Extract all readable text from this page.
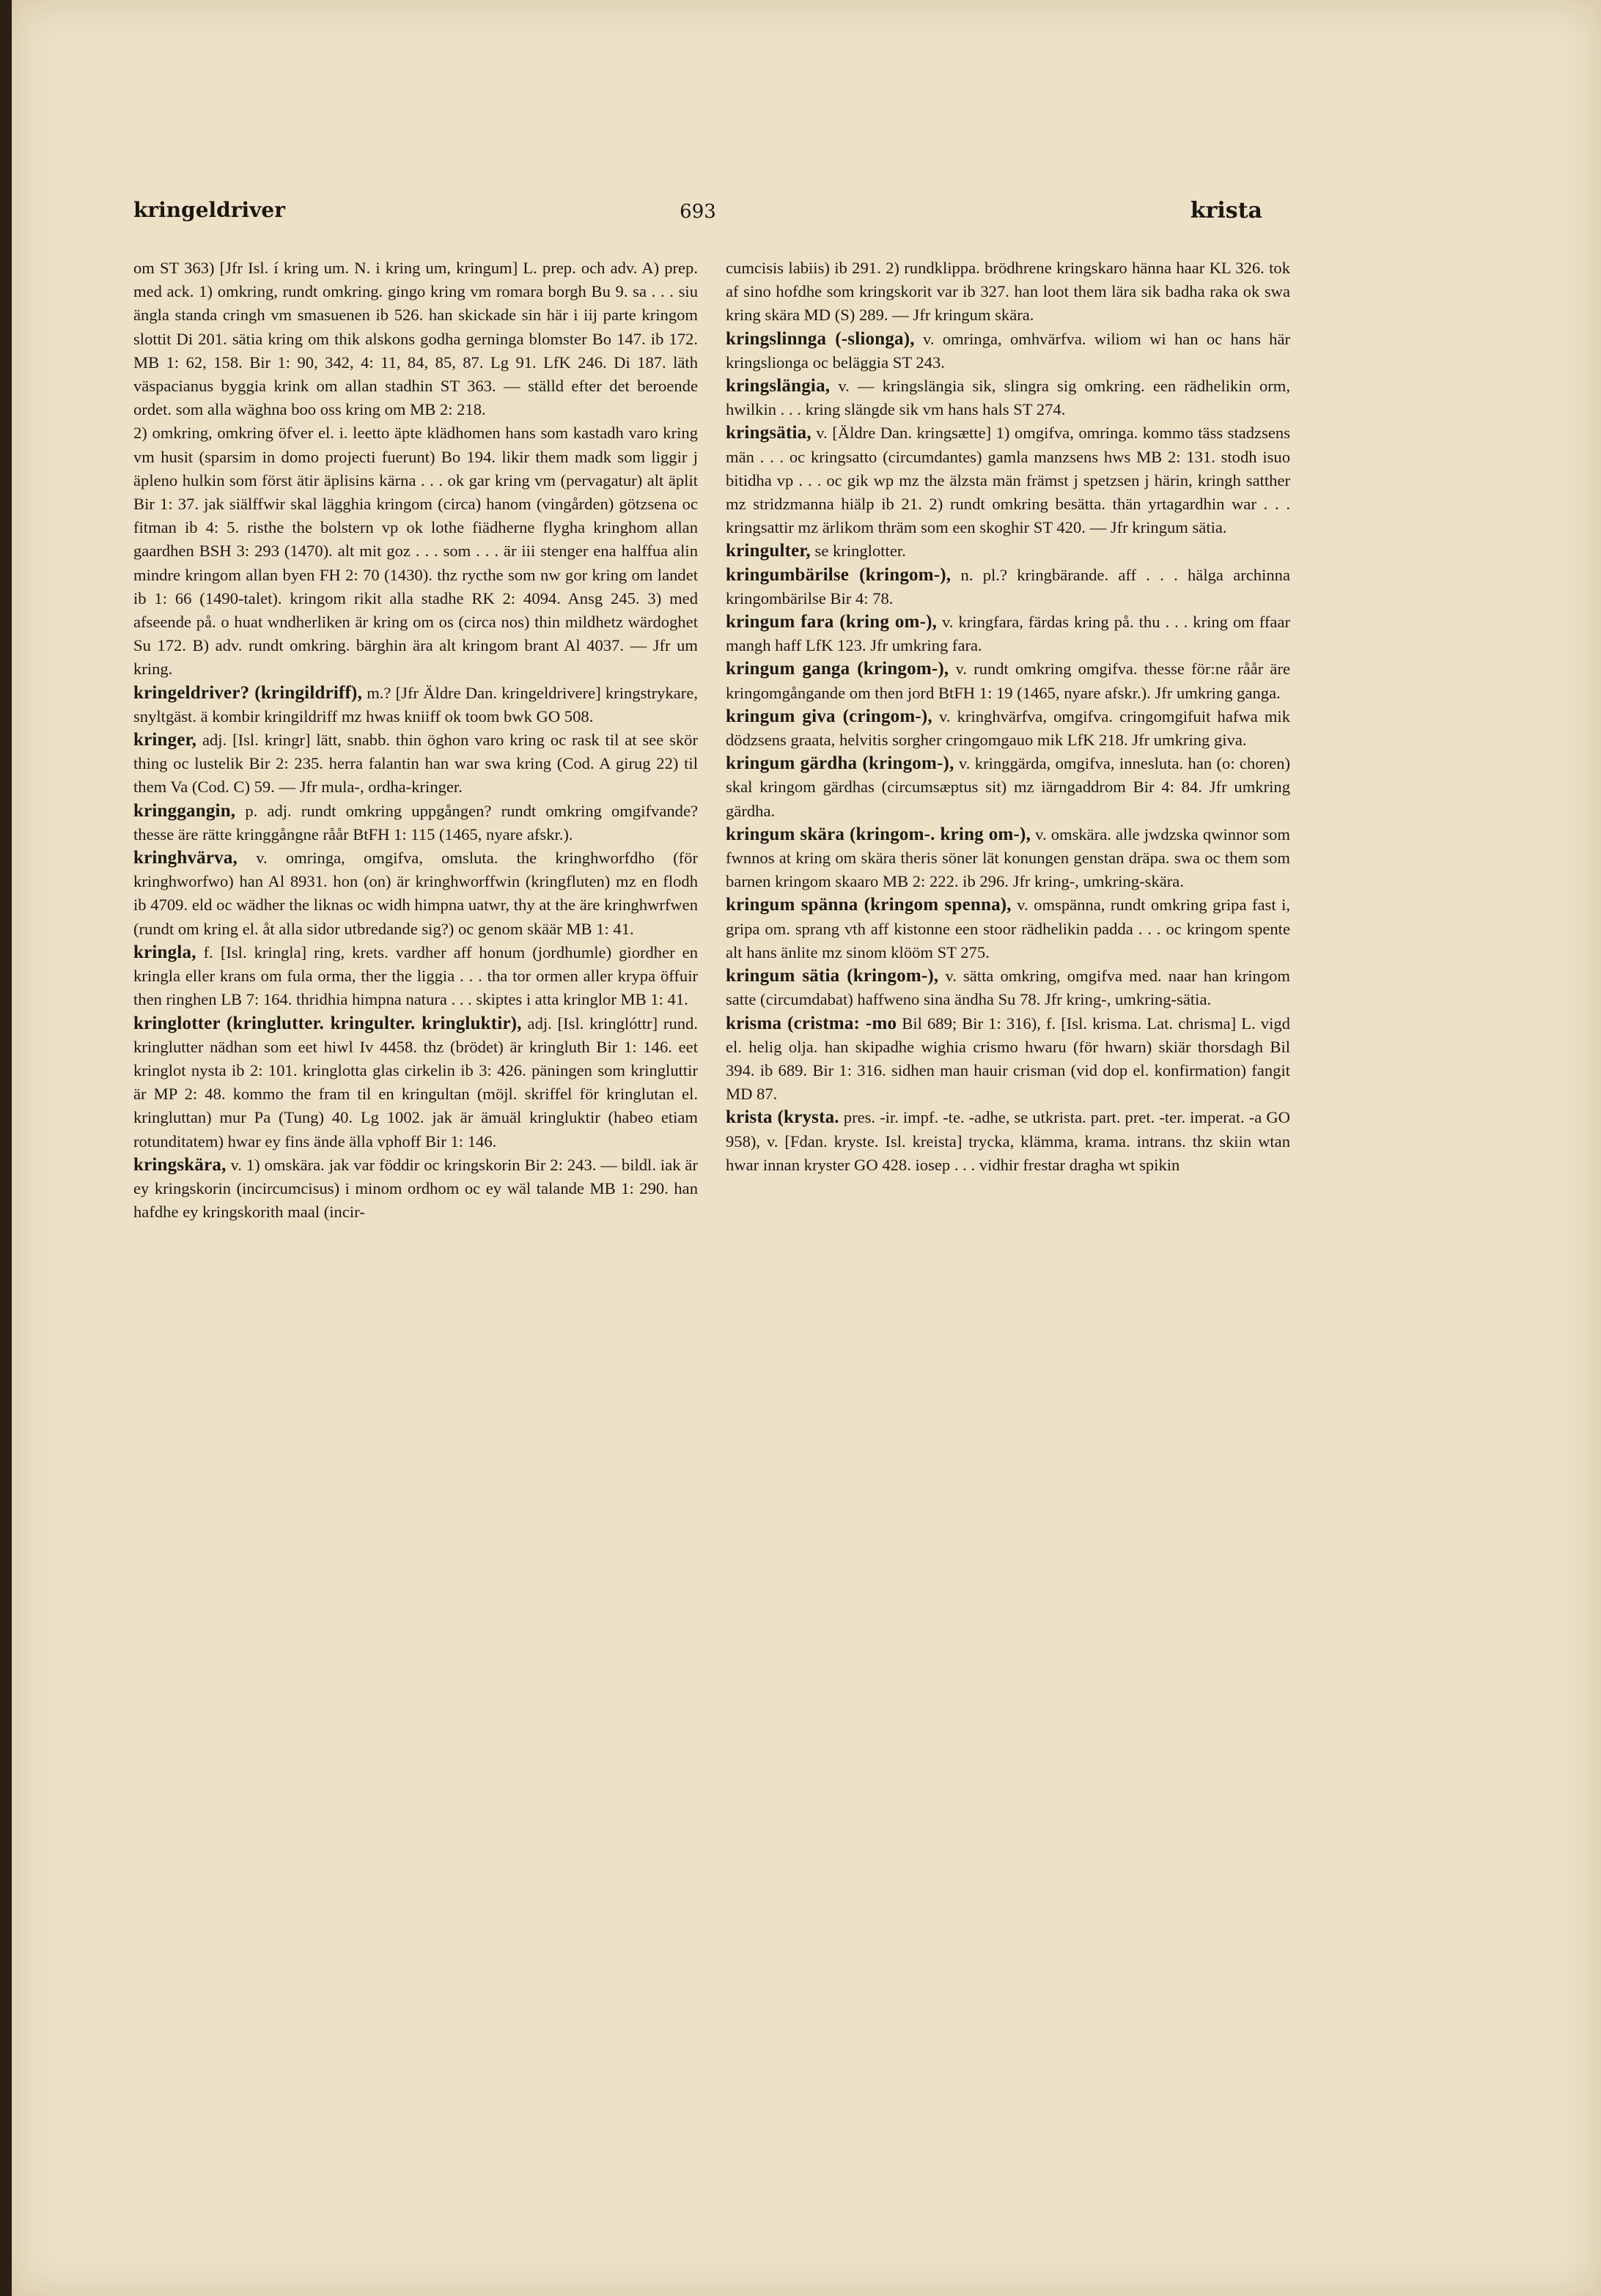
kringeldriver	693	krista

om ST 363) [Jfr Isl. í kring um. N. i kring um, kringum] L. prep. och adv. A) prep. med ack. 1) omkring, rundt omkring. gingo kring vm romara borgh Bu 9. sa . . . siu ängla standa cringh vm smasuenen ib 526. han skickade sin här i iij parte kringom slottit Di 201. sätia kring om thik alskons godha gerninga blomster Bo 147. ib 172. MB 1: 62, 158. Bir 1: 90, 342, 4: 11, 84, 85, 87. Lg 91. LfK 246. Di 187. läth väspacianus byggia krink om allan stadhin ST 363. — ställd efter det beroende ordet. som alla wäghna boo oss kring om MB 2: 218.

2) omkring, omkring öfver el. i. leetto äpte klädhomen hans som kastadh varo kring vm husit (sparsim in domo projecti fuerunt) Bo 194. likir them madk som liggir j äpleno hulkin som först ätir äplisins kärna . . . ok gar kring vm (pervagatur) alt äplit Bir 1: 37. jak siälffwir skal lägghia kringom (circa) hanom (vingården) götzsena oc fitman ib 4: 5. risthe the bolstern vp ok lothe fiädherne flygha kringhom allan gaardhen BSH 3: 293 (1470). alt mit goz . . . som . . . är iii stenger ena halffua alin mindre kringom allan byen FH 2: 70 (1430). thz rycthe som nw gor kring om landet ib 1: 66 (1490-talet). kringom rikit alla stadhe RK 2: 4094. Ansg 245. 3) med afseende på. o huat wndherliken är kring om os (circa nos) thin mildhetz wärdoghet Su 172. B) adv. rundt omkring. bärghin ära alt kringom brant Al 4037. — Jfr um kring.

kringeldriver? (kringildriff), m.? [Jfr Äldre Dan. kringeldrivere] kringstrykare, snyltgäst. ä kombir kringildriff mz hwas kniiff ok toom bwk GO 508.

kringer, adj. [Isl. kringr] lätt, snabb. thin öghon varo kring oc rask til at see skör thing oc lustelik Bir 2: 235. herra falantin han war swa kring (Cod. A girug 22) til them Va (Cod. C) 59. — Jfr mula-, ordha-kringer.

kringgangin, p. adj. rundt omkring uppgången? rundt omkring omgifvande? thesse äre rätte kringgångne råår BtFH 1: 115 (1465, nyare afskr.).

kringhvärva, v. omringa, omgifva, omsluta. the kringhworfdho (för kringhworfwo) han Al 8931. hon (on) är kringhworffwin (kringfluten) mz en flodh ib 4709. eld oc wädher the liknas oc widh himpna uatwr, thy at the äre kringhwrfwen (rundt om kring el. åt alla sidor utbredande sig?) oc genom skäär MB 1: 41.

kringla, f. [Isl. kringla] ring, krets. vardher aff honum (jordhumle) giordher en kringla eller krans om fula orma, ther the liggia . . . tha tor ormen aller krypa öffuir then ringhen LB 7: 164. thridhia himpna natura . . . skiptes i atta kringlor MB 1: 41.

kringlotter (kringlutter. kringulter. kringluktir), adj. [Isl. kringlóttr] rund. kringlutter nädhan som eet hiwl Iv 4458. thz (brödet) är kringluth Bir 1: 146. eet kringlot nysta ib 2: 101. kringlotta glas cirkelin ib 3: 426. päningen som kringluttir är MP 2: 48. kommo the fram til en kringultan (möjl. skriffel för kringlutan el. kringluttan) mur Pa (Tung) 40. Lg 1002. jak är ämuäl kringluktir (habeo etiam rotunditatem) hwar ey fins ände älla vphoff Bir 1: 146.

kringskära, v. 1) omskära. jak var föddir oc kringskorin Bir 2: 243. — bildl. iak är ey kringskorin (incircumcisus) i minom ordhom oc ey wäl talande MB 1: 290. han hafdhe ey kringskorith maal (incir-

cumcisis labiis) ib 291. 2) rundklippa. brödhrene kringskaro hänna haar KL 326. tok af sino hofdhe som kringskorit var ib 327. han loot them lära sik badha raka ok swa kring skära MD (S) 289. — Jfr kringum skära.

kringslinnga (-slionga), v. omringa, omhvärfva. wiliom wi han oc hans här kringslionga oc beläggia ST 243.

kringslängia, v. — kringslängia sik, slingra sig omkring. een rädhelikin orm, hwilkin . . . kring slängde sik vm hans hals ST 274.

kringsätia, v. [Äldre Dan. kringsætte] 1) omgifva, omringa. kommo täss stadzsens män . . . oc kringsatto (circumdantes) gamla manzsens hws MB 2: 131. stodh isuo bitidha vp . . . oc gik wp mz the älzsta män främst j spetzsen j härin, kringh satther mz stridzmanna hiälp ib 21. 2) rundt omkring besätta. thän yrtagardhin war . . . kringsattir mz ärlikom thräm som een skoghir ST 420. — Jfr kringum sätia.

kringulter, se kringlotter.

kringumbärilse (kringom-), n. pl.? kringbärande. aff . . . hälga archinna kringombärilse Bir 4: 78.

kringum fara (kring om-), v. kringfara, färdas kring på. thu . . . kring om ffaar mangh haff LfK 123. Jfr umkring fara.

kringum ganga (kringom-), v. rundt omkring omgifva. thesse för:ne råår äre kringomgångande om then jord BtFH 1: 19 (1465, nyare afskr.). Jfr umkring ganga.

kringum giva (cringom-), v. kringhvärfva, omgifva. cringomgifuit hafwa mik dödzsens graata, helvitis sorgher cringomgauo mik LfK 218. Jfr umkring giva.

kringum gärdha (kringom-), v. kringgärda, omgifva, innesluta. han (o: choren) skal kringom gärdhas (circumsæptus sit) mz iärngaddrom Bir 4: 84. Jfr umkring gärdha.

kringum skära (kringom-. kring om-), v. omskära. alle jwdzska qwinnor som fwnnos at kring om skära theris söner lät konungen genstan dräpa. swa oc them som barnen kringom skaaro MB 2: 222. ib 296. Jfr kring-, umkring-skära.

kringum spänna (kringom spenna), v. omspänna, rundt omkring gripa fast i, gripa om. sprang vth aff kistonne een stoor rädhelikin padda . . . oc kringom spente alt hans änlite mz sinom klööm ST 275.

kringum sätia (kringom-), v. sätta omkring, omgifva med. naar han kringom satte (circumdabat) haffweno sina ändha Su 78. Jfr kring-, umkring-sätia.

krisma (cristma: -mo Bil 689; Bir 1: 316), f. [Isl. krisma. Lat. chrisma] L. vigd el. helig olja. han skipadhe wighia crismo hwaru (för hwarn) skiär thorsdagh Bil 394. ib 689. Bir 1: 316. sidhen man hauir crisman (vid dop el. konfirmation) fangit MD 87.

krista (krysta. pres. -ir. impf. -te. -adhe, se utkrista. part. pret. -ter. imperat. -a GO 958), v. [Fdan. kryste. Isl. kreista] trycka, klämma, krama. intrans. thz skiin wtan hwar innan kryster GO 428. iosep . . . vidhir frestar dragha wt spikin
